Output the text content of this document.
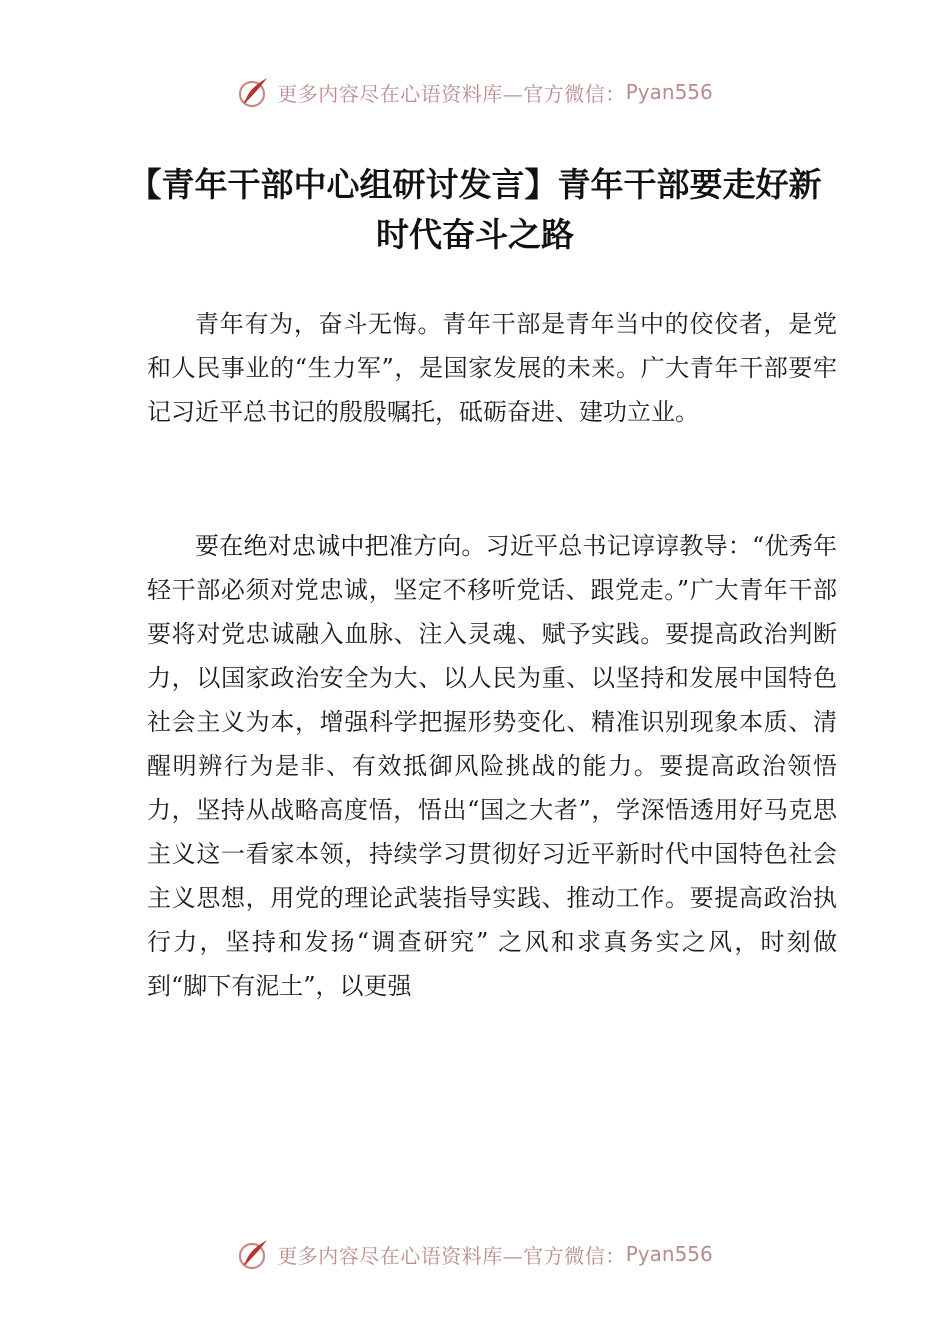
更多内容尽在心语资料库—官方微信： Pyan556
【青年干部中心组研讨发言】青年干部要走好新时代奋斗之路

青年有为，奋斗无悔。青年干部是青年当中的佼佼者，是党和人民事业的“生力军”，是国家发展的未来。广大青年干部要牢记习近平总书记的殷殷嘱托，砥砺奋进、建功立业。

要在绝对忠诚中把准方向。习近平总书记谆谆教导：“优秀年轻干部必须对党忠诚，坚定不移听党话、跟党走。”广大青年干部要将对党忠诚融入血脉、注入灵魂、赋予实践。要提高政治判断力，以国家政治安全为大、以人民为重、以坚持和发展中国特色社会主义为本，增强科学把握形势变化、精准识别现象本质、清醒明辨行为是非、有效抵御风险挑战的能力。要提高政治领悟力，坚持从战略高度悟，悟出“国之大者”，学深悟透用好马克思主义这一看家本领，持续学习贯彻好习近平新时代中国特色社会主义思想，用党的理论武装指导实践、推动工作。要提高政治执行力，坚持和发扬“调查研究” 之风和求真务实之风，时刻做到“脚下有泥土”，以更强

更多内容尽在心语资料库—官方微信： Pyan556
